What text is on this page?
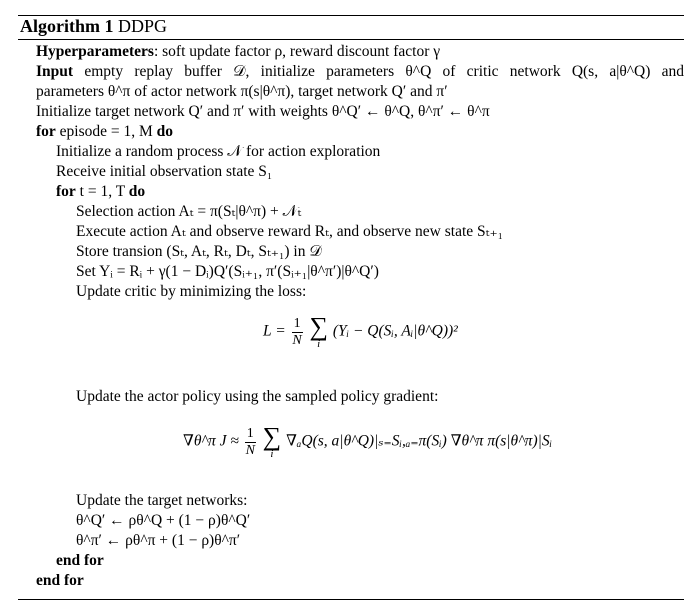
Algorithm 1 DDPG
Hyperparameters: soft update factor ρ, reward discount factor γ
Input empty replay buffer 𝒟, initialize parameters θ^Q of critic network Q(s, a|θ^Q) and
parameters θ^π of actor network π(s|θ^π), target network Q′ and π′
Initialize target network Q′ and π′ with weights θ^Q′ ← θ^Q, θ^π′ ← θ^π
for episode = 1, M do
Initialize a random process 𝒩 for action exploration
Receive initial observation state S₁
for t = 1, T do
Selection action Aₜ = π(Sₜ|θ^π) + 𝒩ₜ
Execute action Aₜ and observe reward Rₜ, and observe new state Sₜ₊₁
Store transion (Sₜ, Aₜ, Rₜ, Dₜ, Sₜ₊₁) in 𝒟
Set Yᵢ = Rᵢ + γ(1 − Dᵢ)Q′(Sᵢ₊₁, π′(Sᵢ₊₁|θ^π′)|θ^Q′)
Update critic by minimizing the loss:
$L = \frac{1}{N}$
∑
i
(Yᵢ − Q(Sᵢ, Aᵢ|θ^Q))²
Update the actor policy using the sampled policy gradient:
∇θ^π $J \approx \frac{1}{N}$
∑
i
∇ₐQ(s, a|θ^Q)|ₛ₌Sᵢ,ₐ₌π(Sᵢ) ∇θ^π π(s|θ^π)|Sᵢ
Update the target networks:
θ^Q′ ← ρθ^Q + (1 − ρ)θ^Q′
θ^π′ ← ρθ^π + (1 − ρ)θ^π′
end for
end for
